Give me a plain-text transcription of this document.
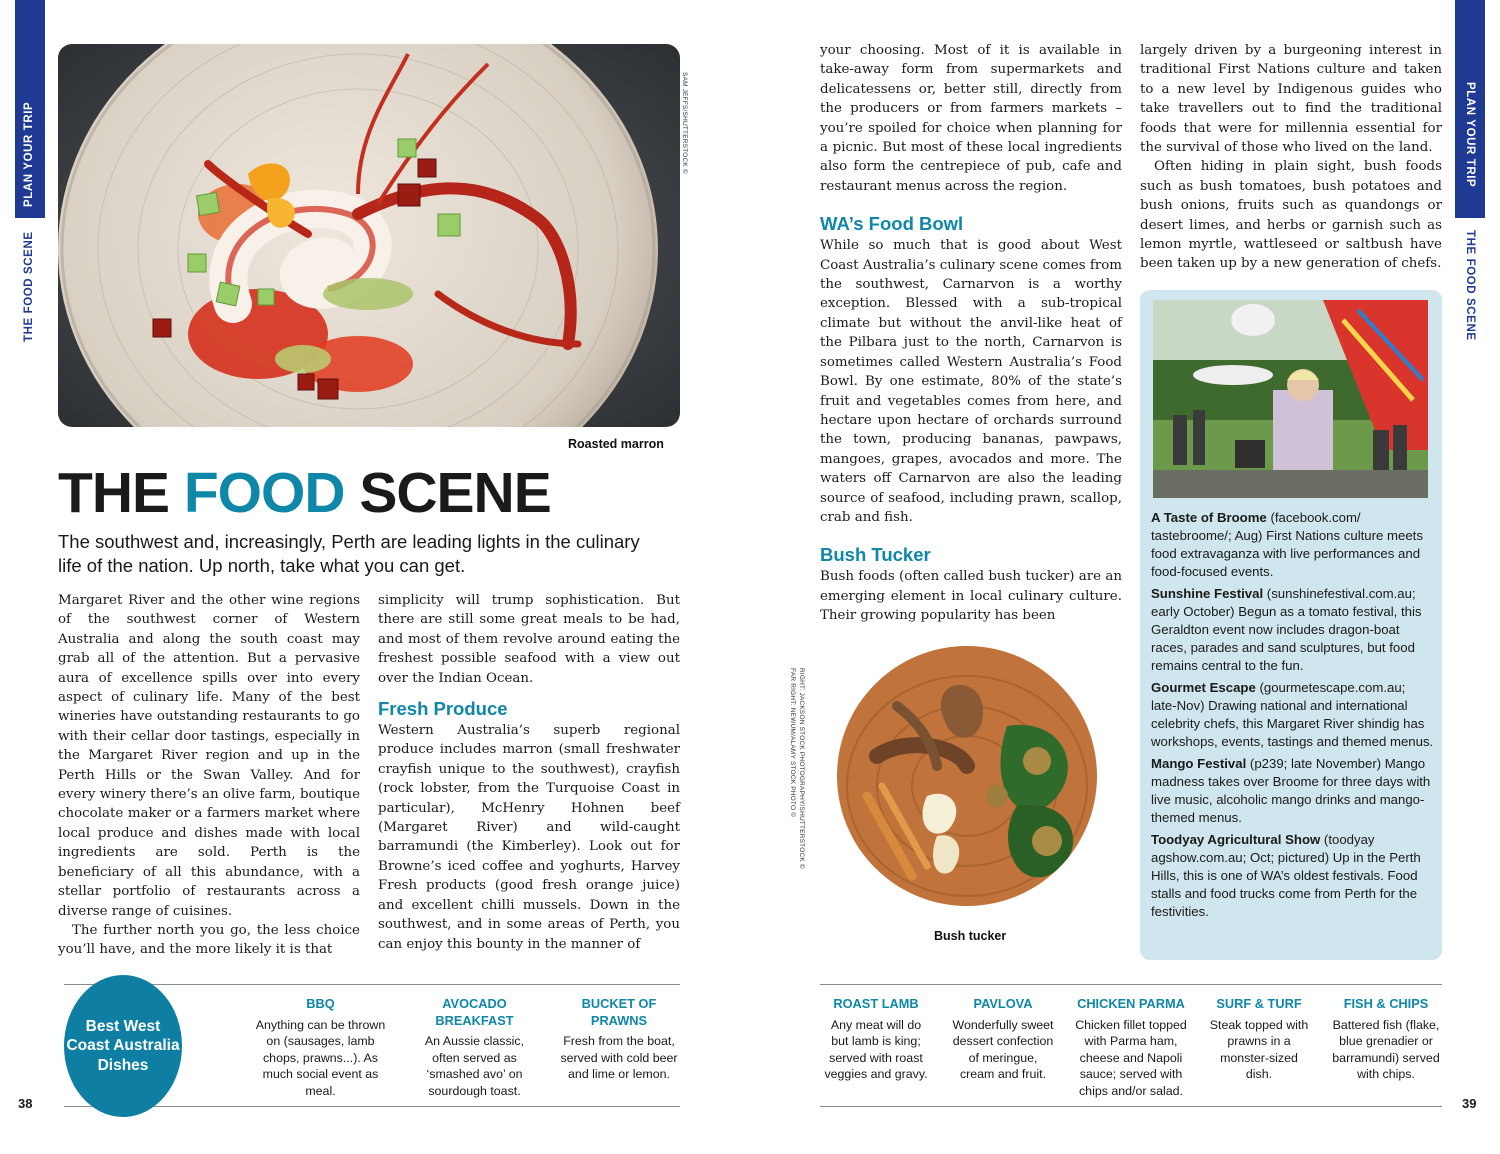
PLAN YOUR TRIP
THE FOOD SCENE
PLAN YOUR TRIP
THE FOOD SCENE
SAM JEFFS/SHUTTERSTOCK ©
Roasted marron
THE FOOD SCENE
The southwest and, increasingly, Perth are leading lights in the culinary life of the nation. Up north, take what you can get.

Margaret River and the other wine regions of the southwest corner of Western Australia and along the south coast may grab all of the attention. But a pervasive aura of excellence spills over into every aspect of culinary life. Many of the best wineries have outstanding restaurants to go with their cellar door tastings, especially in the Margaret River region and up in the Perth Hills or the Swan Valley. And for every winery there’s an olive farm, boutique chocolate maker or a farmers market where local produce and dishes made with local ingredients are sold. Perth is the beneficiary of all this abundance, with a stellar portfolio of restaurants across a diverse range of cuisines.

The further north you go, the less choice you’ll have, and the more likely it is that

simplicity will trump sophistication. But there are still some great meals to be had, and most of them revolve around eating the freshest possible seafood with a view out over the Indian Ocean.

Fresh Produce

Western Australia’s superb regional produce includes marron (small freshwater crayfish unique to the southwest), crayfish (rock lobster, from the Turquoise Coast in particular), McHenry Hohnen beef (Margaret River) and wild-caught barramundi (the Kimberley). Look out for Browne’s iced coffee and yoghurts, Harvey Fresh products (good fresh orange juice) and excellent chilli mussels. Down in the southwest, and in some areas of Perth, you can enjoy this bounty in the manner of

your choosing. Most of it is available in take-away form from supermarkets and delicatessens or, better still, directly from the producers or from farmers markets – you’re spoiled for choice when planning for a picnic. But most of these local ingredients also form the centrepiece of pub, cafe and restaurant menus across the region.

WA’s Food Bowl

While so much that is good about West Coast Australia’s culinary scene comes from the southwest, Carnarvon is a worthy exception. Blessed with a sub-tropical climate but without the anvil-like heat of the Pilbara just to the north, Carnarvon is sometimes called Western Australia’s Food Bowl. By one estimate, 80% of the state’s fruit and vegetables comes from here, and hectare upon hectare of orchards surround the town, producing bananas, pawpaws, mangoes, grapes, avocados and more. The waters off Carnarvon are also the leading source of seafood, including prawn, scallop, crab and fish.

Bush Tucker

Bush foods (often called bush tucker) are an emerging element in local culinary culture. Their growing popularity has been

largely driven by a burgeoning interest in traditional First Nations culture and taken to a new level by Indigenous guides who take travellers out to find the traditional foods that were for millennia essential for the survival of those who lived on the land.

Often hiding in plain sight, bush foods such as bush tomatoes, bush potatoes and bush onions, fruits such as quandongs or desert limes, and herbs or garnish such as lemon myrtle, wattleseed or saltbush have been taken up by a new generation of chefs.

RIGHT: JACKSON STOCK PHOTOGRAPHY/SHUTTERSTOCK ©
FAR RIGHT: NEWUM/ALAMY STOCK PHOTO ©
Bush tucker
A Taste of Broome (facebook.com/ tastebroome/; Aug) First Nations culture meets food extravaganza with live performances and food-focused events.
Sunshine Festival (sunshinefestival.com.au; early October) Begun as a tomato festival, this Geraldton event now includes dragon-boat races, parades and sand sculptures, but food remains central to the fun.
Gourmet Escape (gourmetescape.com.au; late-Nov) Drawing national and international celebrity chefs, this Margaret River shindig has workshops, events, tastings and themed menus.
Mango Festival (p239; late November) Mango madness takes over Broome for three days with live music, alcoholic mango drinks and mango-themed menus.
Toodyay Agricultural Show (toodyay agshow.com.au; Oct; pictured) Up in the Perth Hills, this is one of WA’s oldest festivals. Food stalls and food trucks come from Perth for the festivities.
Best West Coast Australia Dishes
BBQ
Anything can be thrown on (sausages, lamb chops, prawns...). As much social event as meal.
AVOCADO BREAKFAST
An Aussie classic, often served as ‘smashed avo’ on sourdough toast.
BUCKET OF PRAWNS
Fresh from the boat, served with cold beer and lime or lemon.
ROAST LAMB
Any meat will do but lamb is king; served with roast veggies and gravy.
PAVLOVA
Wonderfully sweet dessert confection of meringue, cream and fruit.
CHICKEN PARMA
Chicken fillet topped with Parma ham, cheese and Napoli sauce; served with chips and/or salad.
SURF & TURF
Steak topped with prawns in a monster-sized dish.
FISH & CHIPS
Battered fish (flake, blue grenadier or barramundi) served with chips.
38	39
